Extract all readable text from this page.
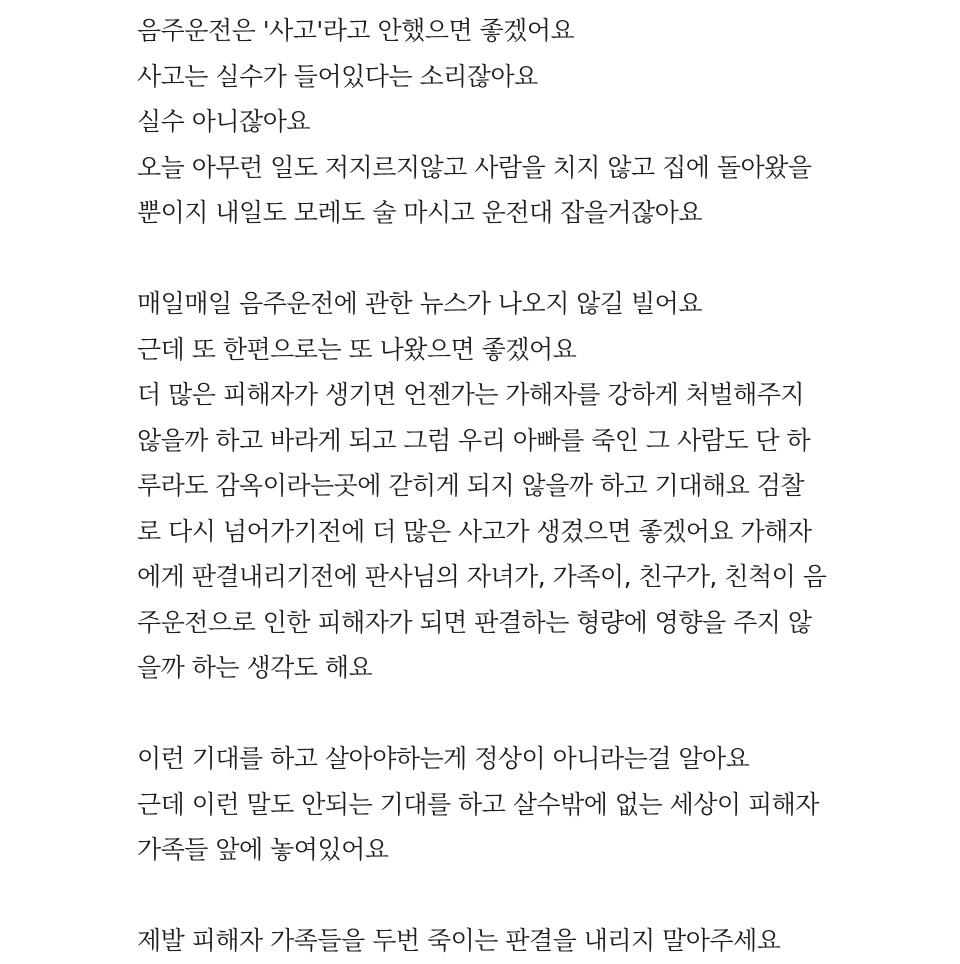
음주운전은 '사고'라고 안했으면 좋겠어요
사고는 실수가 들어있다는 소리잖아요
실수 아니잖아요
오늘 아무런 일도 저지르지않고 사람을 치지 않고 집에 돌아왔을
뿐이지 내일도 모레도 술 마시고 운전대 잡을거잖아요
매일매일 음주운전에 관한 뉴스가 나오지 않길 빌어요
근데 또 한편으로는 또 나왔으면 좋겠어요
더 많은 피해자가 생기면 언젠가는 가해자를 강하게 처벌해주지
않을까 하고 바라게 되고 그럼 우리 아빠를 죽인 그 사람도 단 하
루라도 감옥이라는곳에 갇히게 되지 않을까 하고 기대해요 검찰
로 다시 넘어가기전에 더 많은 사고가 생겼으면 좋겠어요 가해자
에게 판결내리기전에 판사님의 자녀가, 가족이, 친구가, 친척이 음
주운전으로 인한 피해자가 되면 판결하는 형량에 영향을 주지 않
을까 하는 생각도 해요
이런 기대를 하고 살아야하는게 정상이 아니라는걸 알아요
근데 이런 말도 안되는 기대를 하고 살수밖에 없는 세상이 피해자
가족들 앞에 놓여있어요
제발 피해자 가족들을 두번 죽이는 판결을 내리지 말아주세요
